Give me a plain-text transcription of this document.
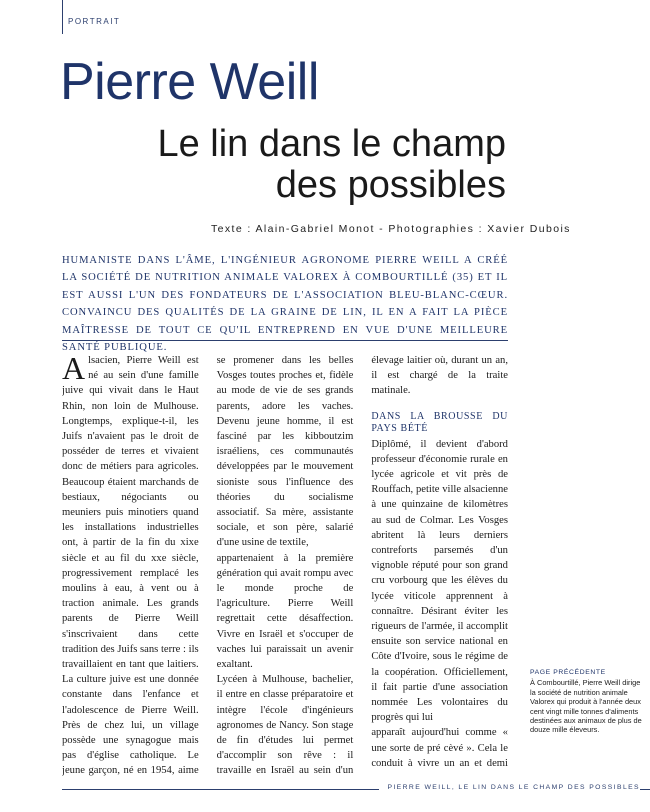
PORTRAIT
Pierre Weill
Le lin dans le champ
des possibles
Texte : Alain-Gabriel Monot - Photographies : Xavier Dubois

HUMANISTE DANS L'ÂME, L'INGÉNIEUR AGRONOME PIERRE WEILL A CRÉÉ LA SOCIÉTÉ DE NUTRITION ANIMALE VALOREX À COMBOURTILLÉ (35) ET IL EST AUSSI L'UN DES FONDATEURS DE L'ASSOCIATION BLEU-BLANC-CŒUR. CONVAINCU DES QUALITÉS DE LA GRAINE DE LIN, IL EN A FAIT LA PIÈCE MAÎTRESSE DE TOUT CE QU'IL ENTREPREND EN VUE D'UNE MEILLEURE SANTÉ PUBLIQUE.

Alsacien, Pierre Weill est né au sein d'une famille juive qui vivait dans le Haut Rhin, non loin de Mulhouse. Longtemps, explique-t-il, les Juifs n'avaient pas le droit de posséder de terres et vivaient donc de métiers para agricoles. Beaucoup étaient marchands de bestiaux, négociants ou meuniers puis minotiers quand les installations industrielles ont, à partir de la fin du xixe siècle et au fil du xxe siècle, progressivement remplacé les moulins à eau, à vent ou à traction animale. Les grands parents de Pierre Weill s'inscrivaient dans cette tradition des Juifs sans terre : ils travaillaient en tant que laitiers. La culture juive est une donnée constante dans l'enfance et l'adolescence de Pierre Weill. Près de chez lui, un village possède une synagogue mais pas d'église catholique. Le jeune garçon, né en 1954, aime se promener dans les belles Vosges toutes proches et, fidèle au mode de vie de ses grands parents, adore les vaches. Devenu jeune homme, il est fasciné par les kibboutzim israéliens, ces communautés développées par le mouvement sioniste sous l'influence des théories du socialisme associatif. Sa mère, assistante sociale, et son père, salarié d'une usine de textile,

appartenaient à la première génération qui avait rompu avec le monde proche de l'agriculture. Pierre Weill regrettait cette désaffection. Vivre en Israël et s'occuper de vaches lui paraissait un avenir exaltant.

Lycéen à Mulhouse, bachelier, il entre en classe préparatoire et intègre l'école d'ingénieurs agronomes de Nancy. Son stage de fin d'études lui permet d'accomplir son rêve : il travaille en Israël au sein d'un élevage laitier où, durant un an, il est chargé de la traite matinale.

DANS LA BROUSSE DU PAYS BÉTÉ

Diplômé, il devient d'abord professeur d'économie rurale en lycée agricole et vit près de Rouffach, petite ville alsacienne à une quinzaine de kilomètres au sud de Colmar. Les Vosges abritent là leurs derniers contreforts parsemés d'un vignoble réputé pour son grand cru vorbourg que les élèves du lycée viticole apprennent à connaître. Désirant éviter les rigueurs de l'armée, il accomplit ensuite son service national en Côte d'Ivoire, sous le régime de la coopération. Officiellement, il fait partie d'une association nommée Les volontaires du progrès qui lui

apparaît aujourd'hui comme « une sorte de pré cèvé ». Cela le conduit à vivre un an et demi

PAGE PRÉCÉDENTE
À Combourtillé, Pierre Weill dirige la société de nutrition animale Valorex qui produit à l'année deux cent vingt mille tonnes d'aliments destinées aux animaux de plus de douze mille éleveurs.
PIERRE WEILL, LE LIN DANS LE CHAMP DES POSSIBLES
